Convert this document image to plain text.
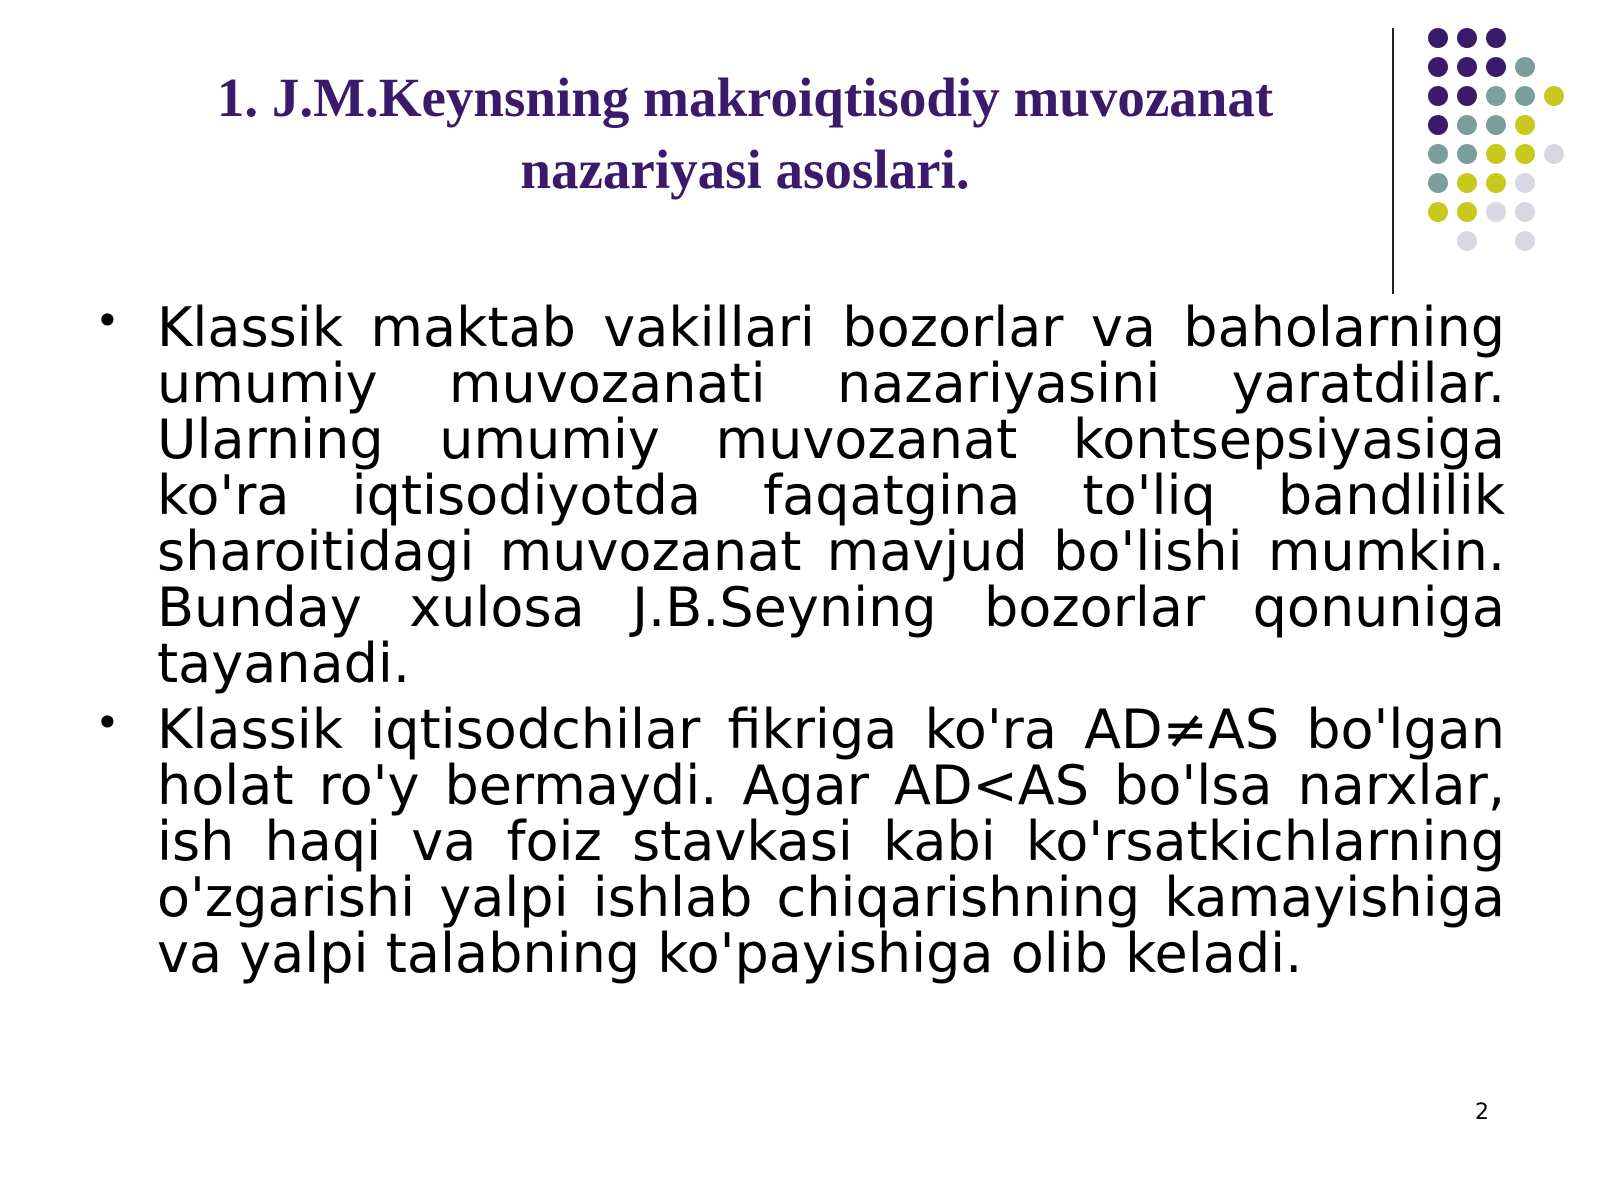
1. J.M.Keynsning makroiqtisodiy muvozanat
nazariyasi asoslari.

• Klassik maktab vakillari bozorlar va baholarning umumiy muvozanati nazariyasini yaratdilar. Ularning umumiy muvozanat kontsepsiyasiga ko'ra iqtisodiyotda faqatgina to'liq bandlilik sharoitidagi muvozanat mavjud bo'lishi mumkin. Bunday xulosa J.B.Seyning bozorlar qonuniga tayanadi.

• Klassik iqtisodchilar fikriga ko'ra AD≠AS bo'lgan holat ro'y bermaydi. Agar AD<AS bo'lsa narxlar, ish haqi va foiz stavkasi kabi ko'rsatkichlarning o'zgarishi yalpi ishlab chiqarishning kamayishiga va yalpi talabning ko'payishiga olib keladi.

2
